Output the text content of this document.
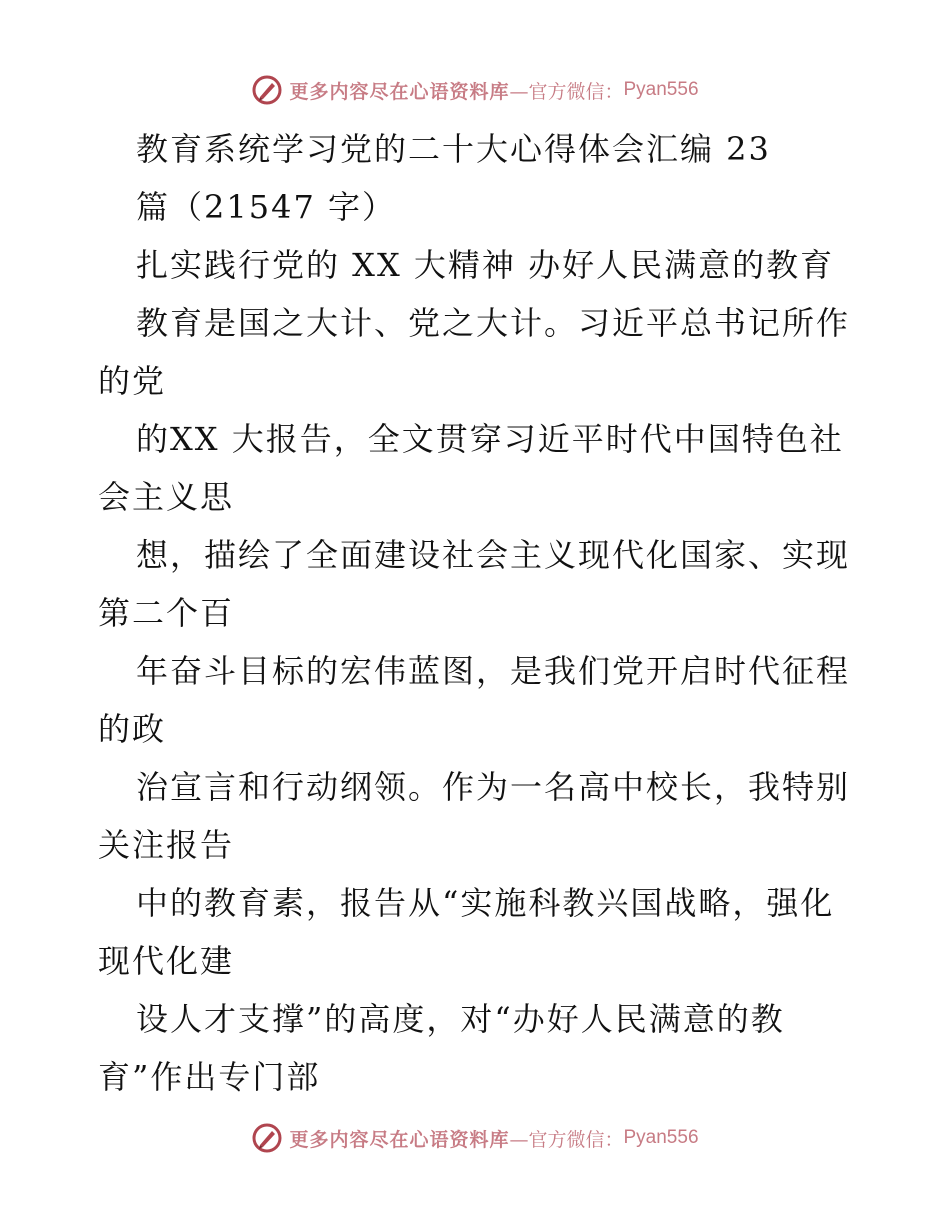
更多内容尽在心语资料库 —官方微信： Pyan556
教育系统学习党的二十大心得体会汇编 23
篇（21547 字）
扎实践行党的 XX 大精神 办好人民满意的教育
教育是国之大计、党之大计。习近平总书记所作
的党
的XX 大报告，全文贯穿习近平时代中国特色社
会主义思
想，描绘了全面建设社会主义现代化国家、实现
第二个百
年奋斗目标的宏伟蓝图，是我们党开启时代征程
的政
治宣言和行动纲领。作为一名高中校长，我特别
关注报告
中的教育素，报告从“实施科教兴国战略，强化
现代化建
设人才支撑”的高度，对“办好人民满意的教
育”作出专门部
更多内容尽在心语资料库 —官方微信： Pyan556
